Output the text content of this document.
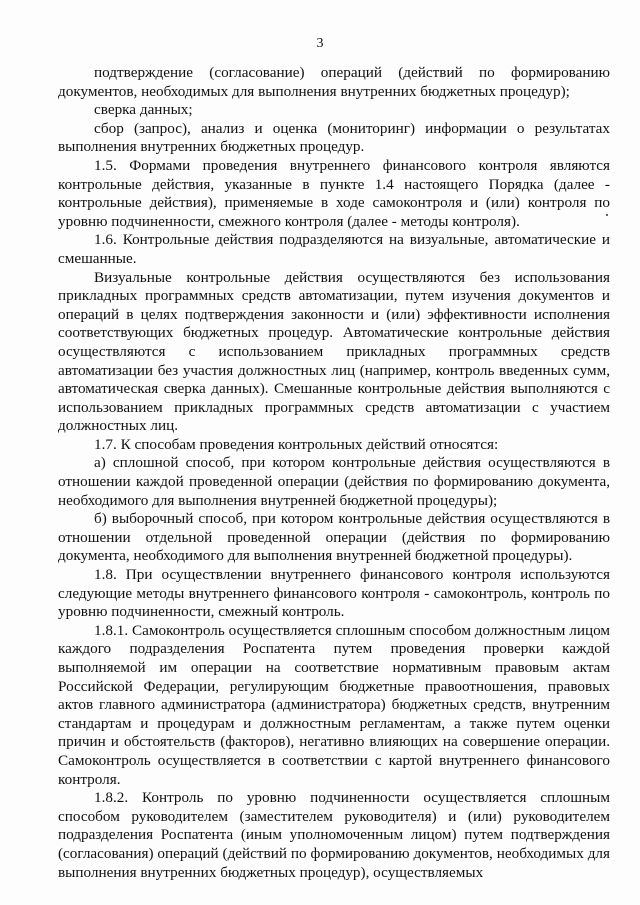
3

подтверждение (согласование) операций (действий по формированию документов, необходимых для выполнения внутренних бюджетных процедур);

сверка данных;

сбор (запрос), анализ и оценка (мониторинг) информации о результатах выполнения внутренних бюджетных процедур.

1.5. Формами проведения внутреннего финансового контроля являются контрольные действия, указанные в пункте 1.4 настоящего Порядка (далее - контрольные действия), применяемые в ходе самоконтроля и (или) контроля по уровню подчиненности, смежного контроля (далее - методы контроля).

1.6. Контрольные действия подразделяются на визуальные, автоматические и смешанные.

Визуальные контрольные действия осуществляются без использования прикладных программных средств автоматизации, путем изучения документов и операций в целях подтверждения законности и (или) эффективности исполнения соответствующих бюджетных процедур. Автоматические контрольные действия осуществляются с использованием прикладных программных средств автоматизации без участия должностных лиц (например, контроль введенных сумм, автоматическая сверка данных). Смешанные контрольные действия выполняются с использованием прикладных программных средств автоматизации с участием должностных лиц.

1.7. К способам проведения контрольных действий относятся:

а) сплошной способ, при котором контрольные действия осуществляются в отношении каждой проведенной операции (действия по формированию документа, необходимого для выполнения внутренней бюджетной процедуры);

б) выборочный способ, при котором контрольные действия осуществляются в отношении отдельной проведенной операции (действия по формированию документа, необходимого для выполнения внутренней бюджетной процедуры).

1.8. При осуществлении внутреннего финансового контроля используются следующие методы внутреннего финансового контроля - самоконтроль, контроль по уровню подчиненности, смежный контроль.

1.8.1. Самоконтроль осуществляется сплошным способом должностным лицом каждого подразделения Роспатента путем проведения проверки каждой выполняемой им операции на соответствие нормативным правовым актам Российской Федерации, регулирующим бюджетные правоотношения, правовых актов главного администратора (администратора) бюджетных средств, внутренним стандартам и процедурам и должностным регламентам, а также путем оценки причин и обстоятельств (факторов), негативно влияющих на совершение операции. Самоконтроль осуществляется в соответствии с картой внутреннего финансового контроля.

1.8.2. Контроль по уровню подчиненности осуществляется сплошным способом руководителем (заместителем руководителя) и (или) руководителем подразделения Роспатента (иным уполномоченным лицом) путем подтверждения (согласования) операций (действий по формированию документов, необходимых для выполнения внутренних бюджетных процедур), осуществляемых
